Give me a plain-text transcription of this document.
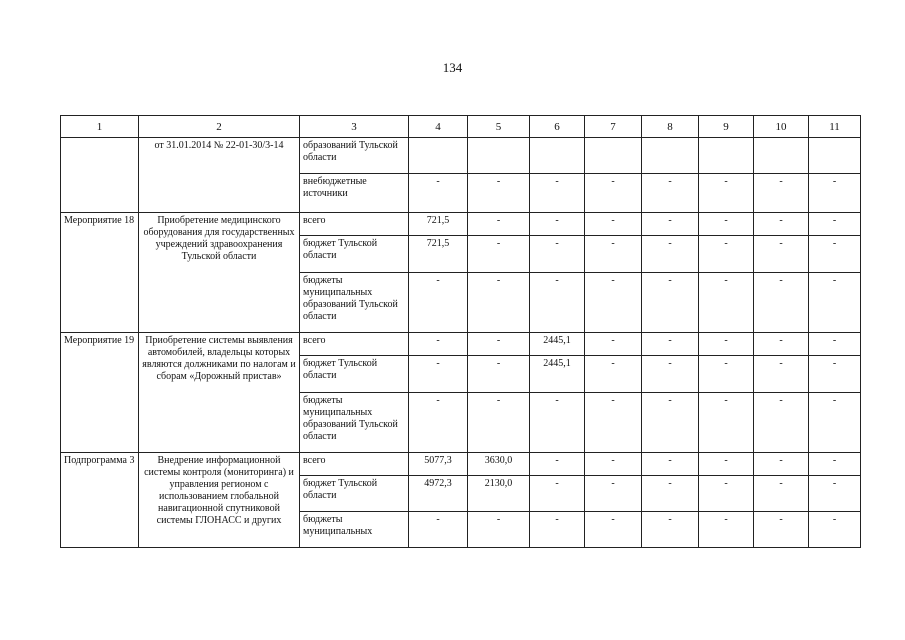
134
1	2	3	4	5	6	7	8	9	10	11
	от 31.01.2014 № 22-01-30/3-14	образований Тульской области								
		внебюджетные источники	-	-	-	-	-	-	-	-
Мероприятие 18	Приобретение медицинского оборудования для государственных учреждений здравоохранения Тульской области	всего	721,5	-	-	-	-	-	-	-
		бюджет Тульской области	721,5	-	-	-	-	-	-	-
		бюджеты муниципальных образований Тульской области	-	-	-	-	-	-	-	-
Мероприятие 19	Приобретение системы выявления автомобилей, владельцы которых являются должниками по налогам и сборам «Дорожный пристав»	всего	-	-	2445,1	-	-	-	-	-
		бюджет Тульской области	-	-	2445,1	-	-	-	-	-
		бюджеты муниципальных образований Тульской области	-	-	-	-	-	-	-	-
Подпрограмма 3	Внедрение информационной системы контроля (мониторинга) и управления регионом с использованием глобальной навигационной спутниковой системы ГЛОНАСС и других	всего	5077,3	3630,0	-	-	-	-	-	-
		бюджет Тульской области	4972,3	2130,0	-	-	-	-	-	-
		бюджеты муниципальных	-	-	-	-	-	-	-	-
